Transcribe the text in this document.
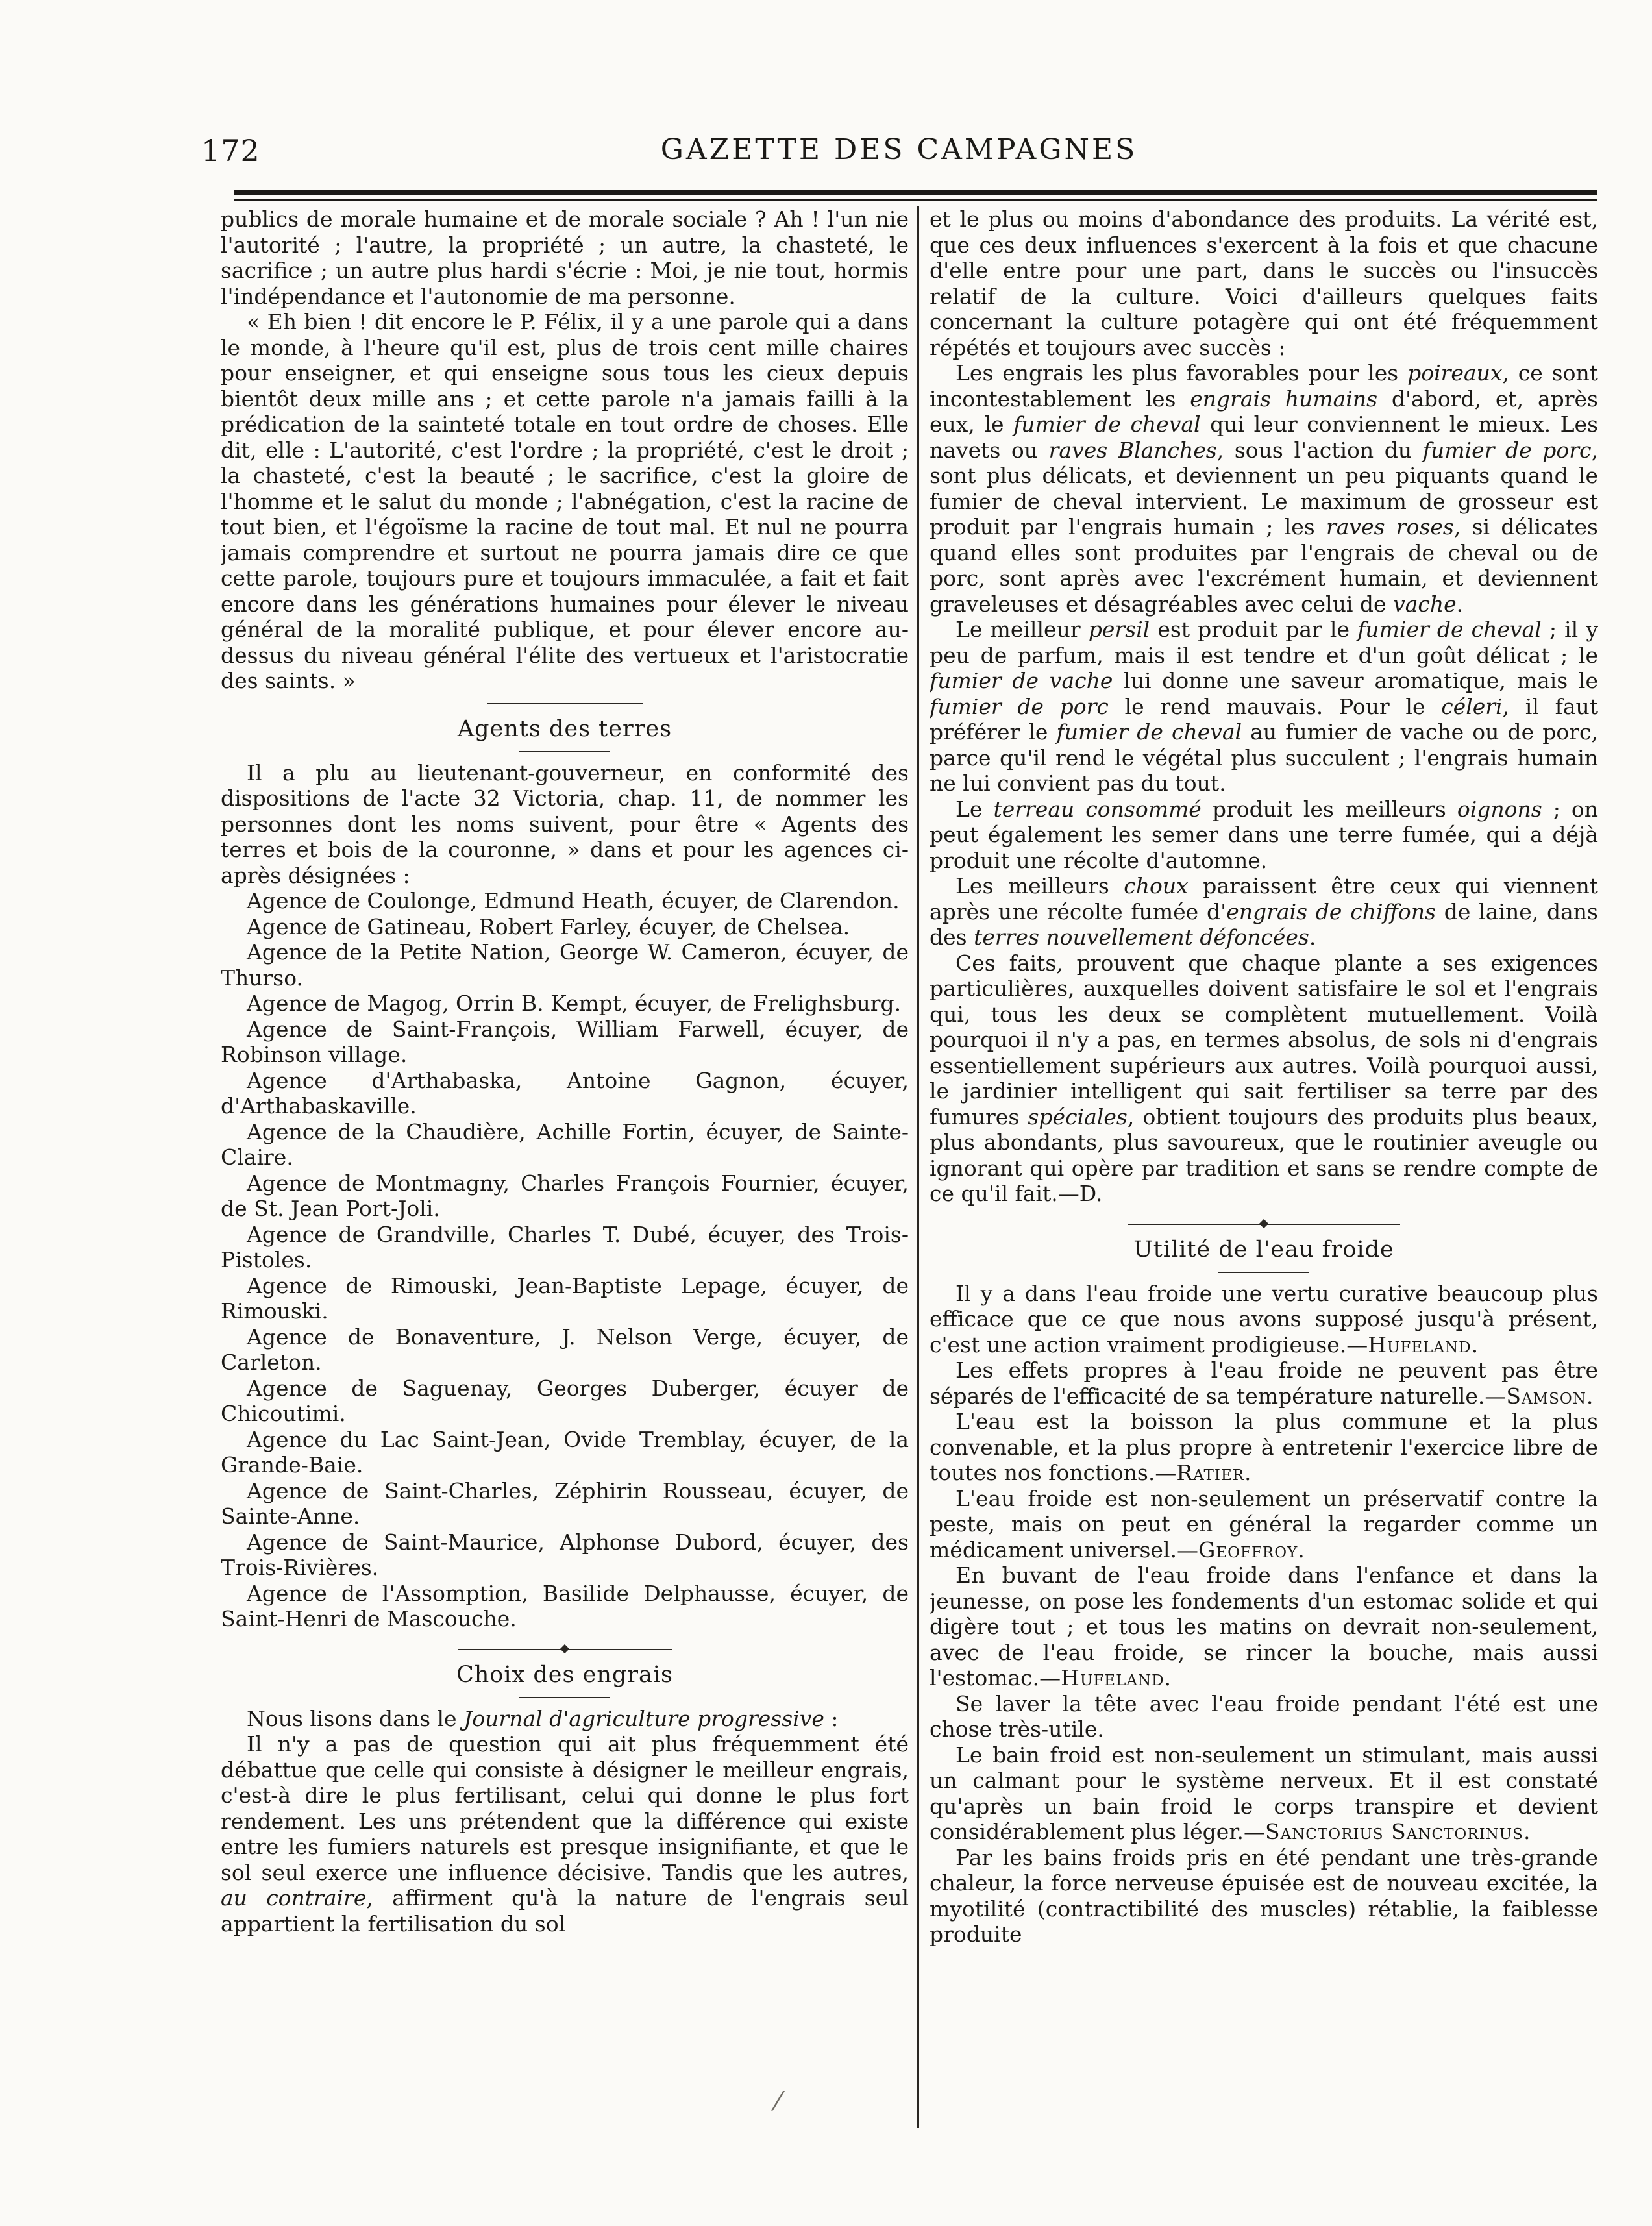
172	GAZETTE DES CAMPAGNES

publics de morale humaine et de morale sociale ? Ah ! l'un nie l'autorité ; l'autre, la propriété ; un autre, la chasteté, le sacrifice ; un autre plus hardi s'écrie : Moi, je nie tout, hormis l'indépendance et l'autonomie de ma personne.

« Eh bien ! dit encore le P. Félix, il y a une parole qui a dans le monde, à l'heure qu'il est, plus de trois cent mille chaires pour enseigner, et qui enseigne sous tous les cieux depuis bientôt deux mille ans ; et cette parole n'a jamais failli à la prédication de la sainteté totale en tout ordre de choses. Elle dit, elle : L'autorité, c'est l'ordre ; la propriété, c'est le droit ; la chasteté, c'est la beauté ; le sacrifice, c'est la gloire de l'homme et le salut du monde ; l'abnégation, c'est la racine de tout bien, et l'égoïsme la racine de tout mal. Et nul ne pourra jamais comprendre et surtout ne pourra jamais dire ce que cette parole, toujours pure et toujours immaculée, a fait et fait encore dans les générations humaines pour élever le niveau général de la moralité publique, et pour élever encore au-dessus du niveau général l'élite des vertueux et l'aristocratie des saints. »

Agents des terres

Il a plu au lieutenant-gouverneur, en conformité des dispositions de l'acte 32 Victoria, chap. 11, de nommer les personnes dont les noms suivent, pour être « Agents des terres et bois de la couronne, » dans et pour les agences ci-après désignées :

Agence de Coulonge, Edmund Heath, écuyer, de Clarendon.

Agence de Gatineau, Robert Farley, écuyer, de Chelsea.

Agence de la Petite Nation, George W. Cameron, écuyer, de Thurso.

Agence de Magog, Orrin B. Kempt, écuyer, de Frelighsburg.

Agence de Saint-François, William Farwell, écuyer, de Robinson village.

Agence d'Arthabaska, Antoine Gagnon, écuyer, d'Arthabaskaville.

Agence de la Chaudière, Achille Fortin, écuyer, de Sainte-Claire.

Agence de Montmagny, Charles François Fournier, écuyer, de St. Jean Port-Joli.

Agence de Grandville, Charles T. Dubé, écuyer, des Trois-Pistoles.

Agence de Rimouski, Jean-Baptiste Lepage, écuyer, de Rimouski.

Agence de Bonaventure, J. Nelson Verge, écuyer, de Carleton.

Agence de Saguenay, Georges Duberger, écuyer de Chicoutimi.

Agence du Lac Saint-Jean, Ovide Tremblay, écuyer, de la Grande-Baie.

Agence de Saint-Charles, Zéphirin Rousseau, écuyer, de Sainte-Anne.

Agence de Saint-Maurice, Alphonse Dubord, écuyer, des Trois-Rivières.

Agence de l'Assomption, Basilide Delphausse, écuyer, de Saint-Henri de Mascouche.

Choix des engrais

Nous lisons dans le Journal d'agriculture progressive :

Il n'y a pas de question qui ait plus fréquemment été débattue que celle qui consiste à désigner le meilleur engrais, c'est-à dire le plus fertilisant, celui qui donne le plus fort rendement. Les uns prétendent que la différence qui existe entre les fumiers naturels est presque insignifiante, et que le sol seul exerce une influence décisive. Tandis que les autres, au contraire, affirment qu'à la nature de l'engrais seul appartient la fertilisation du sol

et le plus ou moins d'abondance des produits. La vérité est, que ces deux influences s'exercent à la fois et que chacune d'elle entre pour une part, dans le succès ou l'insuccès relatif de la culture. Voici d'ailleurs quelques faits concernant la culture potagère qui ont été fréquemment répétés et toujours avec succès :

Les engrais les plus favorables pour les poireaux, ce sont incontestablement les engrais humains d'abord, et, après eux, le fumier de cheval qui leur conviennent le mieux. Les navets ou raves Blanches, sous l'action du fumier de porc, sont plus délicats, et deviennent un peu piquants quand le fumier de cheval intervient. Le maximum de grosseur est produit par l'engrais humain ; les raves roses, si délicates quand elles sont produites par l'engrais de cheval ou de porc, sont après avec l'excrément humain, et deviennent graveleuses et désagréables avec celui de vache.

Le meilleur persil est produit par le fumier de cheval ; il y peu de parfum, mais il est tendre et d'un goût délicat ; le fumier de vache lui donne une saveur aromatique, mais le fumier de porc le rend mauvais. Pour le céleri, il faut préférer le fumier de cheval au fumier de vache ou de porc, parce qu'il rend le végétal plus succulent ; l'engrais humain ne lui convient pas du tout.

Le terreau consommé produit les meilleurs oignons ; on peut également les semer dans une terre fumée, qui a déjà produit une récolte d'automne.

Les meilleurs choux paraissent être ceux qui viennent après une récolte fumée d'engrais de chiffons de laine, dans des terres nouvellement défoncées.

Ces faits, prouvent que chaque plante a ses exigences particulières, auxquelles doivent satisfaire le sol et l'engrais qui, tous les deux se complètent mutuellement. Voilà pourquoi il n'y a pas, en termes absolus, de sols ni d'engrais essentiellement supérieurs aux autres. Voilà pourquoi aussi, le jardinier intelligent qui sait fertiliser sa terre par des fumures spéciales, obtient toujours des produits plus beaux, plus abondants, plus savoureux, que le routinier aveugle ou ignorant qui opère par tradition et sans se rendre compte de ce qu'il fait.—D.

Utilité de l'eau froide

Il y a dans l'eau froide une vertu curative beaucoup plus efficace que ce que nous avons supposé jusqu'à présent, c'est une action vraiment prodigieuse.—Hufeland.

Les effets propres à l'eau froide ne peuvent pas être séparés de l'efficacité de sa température naturelle.—Samson.

L'eau est la boisson la plus commune et la plus convenable, et la plus propre à entretenir l'exercice libre de toutes nos fonctions.—Ratier.

L'eau froide est non-seulement un préservatif contre la peste, mais on peut en général la regarder comme un médicament universel.—Geoffroy.

En buvant de l'eau froide dans l'enfance et dans la jeunesse, on pose les fondements d'un estomac solide et qui digère tout ; et tous les matins on devrait non-seulement, avec de l'eau froide, se rincer la bouche, mais aussi l'estomac.—Hufeland.

Se laver la tête avec l'eau froide pendant l'été est une chose très-utile.

Le bain froid est non-seulement un stimulant, mais aussi un calmant pour le système nerveux. Et il est constaté qu'après un bain froid le corps transpire et devient considérablement plus léger.—Sanctorius Sanctorinus.

Par les bains froids pris en été pendant une très-grande chaleur, la force nerveuse épuisée est de nouveau excitée, la myotilité (contractibilité des muscles) rétablie, la faiblesse produite

⁄
